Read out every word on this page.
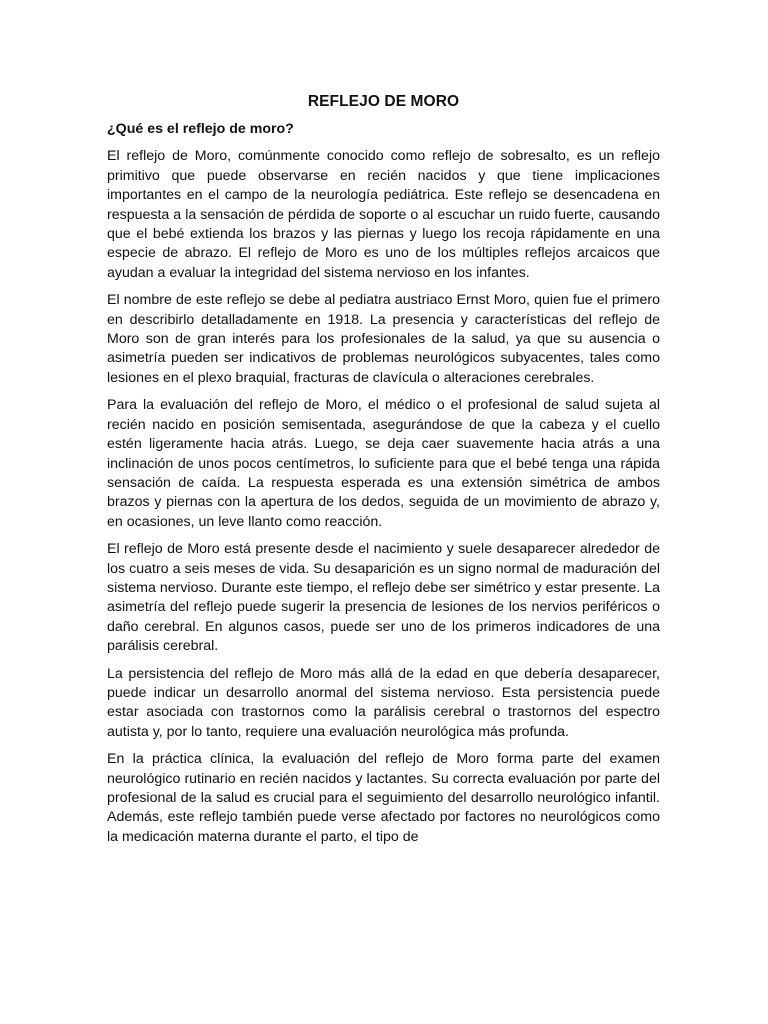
REFLEJO DE MORO
¿Qué es el reflejo de moro?

El reflejo de Moro, comúnmente conocido como reflejo de sobresalto, es un reflejo primitivo que puede observarse en recién nacidos y que tiene implicaciones importantes en el campo de la neurología pediátrica. Este reflejo se desencadena en respuesta a la sensación de pérdida de soporte o al escuchar un ruido fuerte, causando que el bebé extienda los brazos y las piernas y luego los recoja rápidamente en una especie de abrazo. El reflejo de Moro es uno de los múltiples reflejos arcaicos que ayudan a evaluar la integridad del sistema nervioso en los infantes.

El nombre de este reflejo se debe al pediatra austriaco Ernst Moro, quien fue el primero en describirlo detalladamente en 1918. La presencia y características del reflejo de Moro son de gran interés para los profesionales de la salud, ya que su ausencia o asimetría pueden ser indicativos de problemas neurológicos subyacentes, tales como lesiones en el plexo braquial, fracturas de clavícula o alteraciones cerebrales.

Para la evaluación del reflejo de Moro, el médico o el profesional de salud sujeta al recién nacido en posición semisentada, asegurándose de que la cabeza y el cuello estén ligeramente hacia atrás. Luego, se deja caer suavemente hacia atrás a una inclinación de unos pocos centímetros, lo suficiente para que el bebé tenga una rápida sensación de caída. La respuesta esperada es una extensión simétrica de ambos brazos y piernas con la apertura de los dedos, seguida de un movimiento de abrazo y, en ocasiones, un leve llanto como reacción.

El reflejo de Moro está presente desde el nacimiento y suele desaparecer alrededor de los cuatro a seis meses de vida. Su desaparición es un signo normal de maduración del sistema nervioso. Durante este tiempo, el reflejo debe ser simétrico y estar presente. La asimetría del reflejo puede sugerir la presencia de lesiones de los nervios periféricos o daño cerebral. En algunos casos, puede ser uno de los primeros indicadores de una parálisis cerebral.

La persistencia del reflejo de Moro más allá de la edad en que debería desaparecer, puede indicar un desarrollo anormal del sistema nervioso. Esta persistencia puede estar asociada con trastornos como la parálisis cerebral o trastornos del espectro autista y, por lo tanto, requiere una evaluación neurológica más profunda.

En la práctica clínica, la evaluación del reflejo de Moro forma parte del examen neurológico rutinario en recién nacidos y lactantes. Su correcta evaluación por parte del profesional de la salud es crucial para el seguimiento del desarrollo neurológico infantil. Además, este reflejo también puede verse afectado por factores no neurológicos como la medicación materna durante el parto, el tipo de
